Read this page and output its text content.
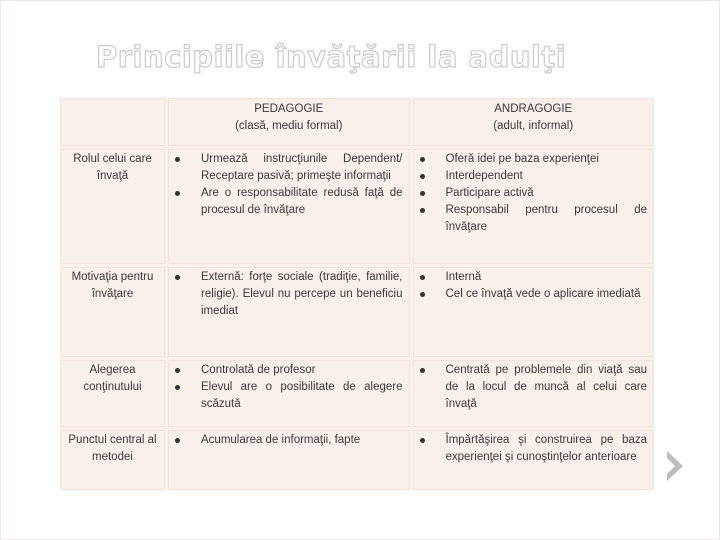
Principiile învăţării la adulţi
PEDAGOGIE
(clasă, mediu formal)
ANDRAGOGIE
(adult, informal)
Rolul celui care învaţă
Urmează instrucţiunile Dependent/ Receptare pasivă; primeşte informaţii
Are o responsabilitate redusă faţă de procesul de învăţare
Oferă idei pe baza experienţei
Interdependent
Participare activă
Responsabil pentru procesul de învăţare
Motivaţia pentru învăţare
Externă: forţe sociale (tradiţie, familie, religie). Elevul nu percepe un beneficiu imediat
Internă
Cel ce învaţă vede o aplicare imediată
Alegerea conţinutului
Controlată de profesor
Elevul are o posibilitate de alegere scăzută
Centrată pe problemele din viaţă sau de la locul de muncă al celui care învaţă
Punctul central al metodei
Acumularea de informaţii, fapte	Împărtăşirea şi construirea pe baza experienţei şi cunoştinţelor anterioare
